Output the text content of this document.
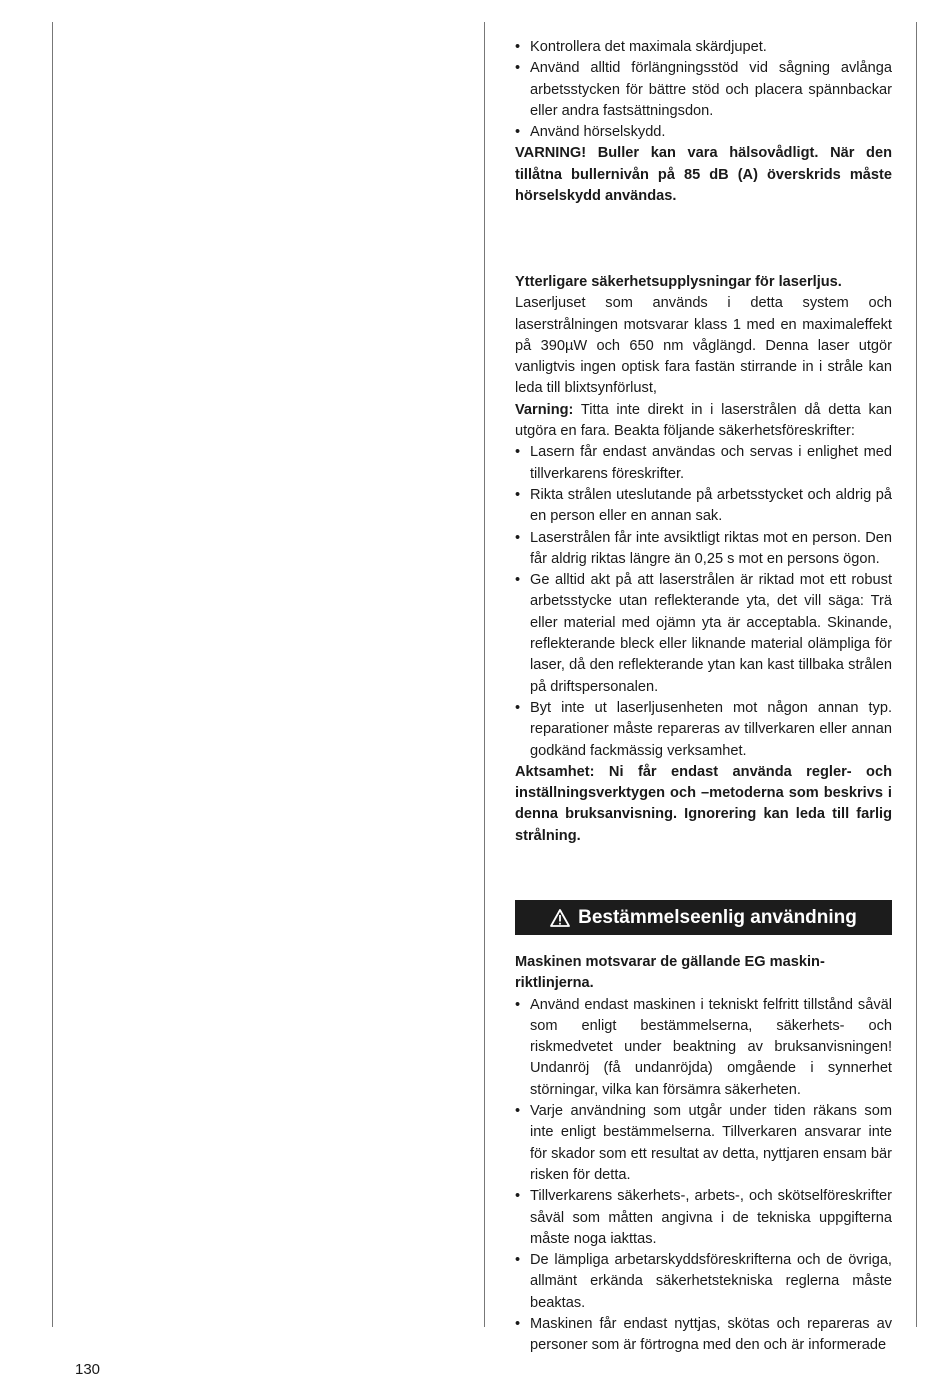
• Kontrollera det maximala skärdjupet.
• Använd alltid förlängningsstöd vid sågning avlånga arbetsstycken för bättre stöd och placera spännbackar eller andra fastsättningsdon.
• Använd hörselskydd.

VARNING! Buller kan vara hälsovådligt. När den tillåtna bullernivån på 85 dB (A) överskrids måste hörselskydd användas.

Ytterligare säkerhetsupplysningar för laserljus.

Laserljuset som används i detta system och laserstrålningen motsvarar klass 1 med en maximaleffekt på 390µW och 650 nm våglängd. Denna laser utgör vanligtvis ingen optisk fara fastän stirrande in i stråle kan leda till blixtsynförlust,

Varning: Titta inte direkt in i laserstrålen då detta kan utgöra en fara. Beakta följande säkerhetsföreskrifter:

• Lasern får endast användas och servas i enlighet med tillverkarens föreskrifter.
• Rikta strålen uteslutande på arbetsstycket och aldrig på en person eller en annan sak.
• Laserstrålen får inte avsiktligt riktas mot en person. Den får aldrig riktas längre än 0,25 s mot en persons ögon.
• Ge alltid akt på att laserstrålen är riktad mot ett robust arbetsstycke utan reflekterande yta, det vill säga: Trä eller material med ojämn yta är acceptabla. Skinande, reflekterande bleck eller liknande material olämpliga för laser, då den reflekterande ytan kan kast tillbaka strålen på driftspersonalen.
• Byt inte ut laserljusenheten mot någon annan typ. reparationer måste repareras av tillverkaren eller annan godkänd fackmässig verksamhet.

Aktsamhet: Ni får endast använda regler- och inställningsverktygen och –metoderna som beskrivs i denna bruksanvisning. Ignorering kan leda till farlig strålning.

Bestämmelseenlig användning

Maskinen motsvarar de gällande EG maskin-riktlinjerna.

• Använd endast maskinen i tekniskt felfritt tillstånd såväl som enligt bestämmelserna, säkerhets- och riskmedvetet under beaktning av bruksanvisningen! Undanröj (få undanröjda) omgående i synnerhet störningar, vilka kan försämra säkerheten.
• Varje användning som utgår under tiden räkans som inte enligt bestämmelserna. Tillverkaren ansvarar inte för skador som ett resultat av detta, nyttjaren ensam bär risken för detta.
• Tillverkarens säkerhets-, arbets-, och skötselföreskrifter såväl som måtten angivna i de tekniska uppgifterna måste noga iakttas.
• De lämpliga arbetarskyddsföreskrifterna och de övriga, allmänt erkända säkerhetstekniska reglerna måste beaktas.
• Maskinen får endast nyttjas, skötas och repareras av personer som är förtrogna med den och är informerade
130
